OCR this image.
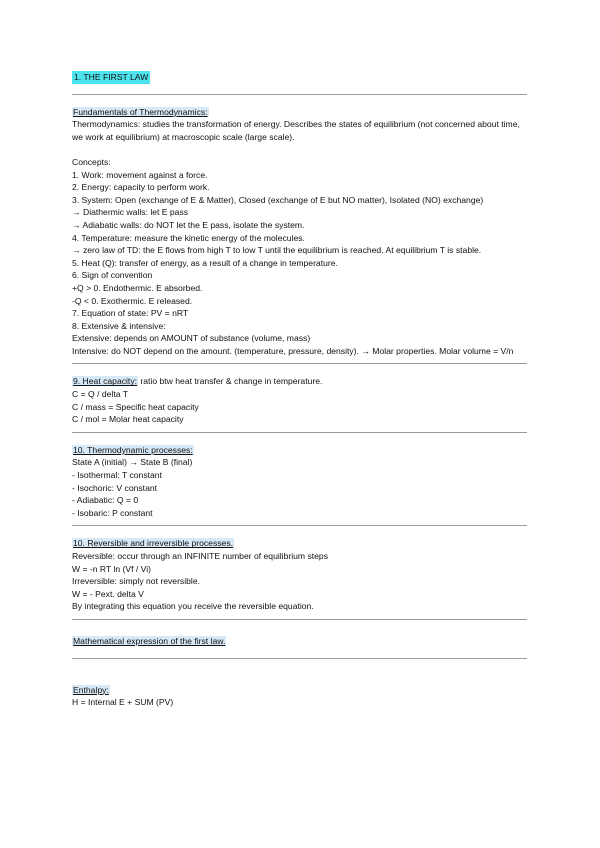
1. THE FIRST LAW
Fundamentals of Thermodynamics:
Thermodynamics: studies the transformation of energy. Describes the states of equilibrium (not concerned about time, we work at equilibrium) at macroscopic scale (large scale).
Concepts:
1. Work: movement against a force.
2. Energy: capacity to perform work.
3. System: Open (exchange of E & Matter), Closed (exchange of E but NO matter), Isolated (NO) exchange)
→ Diathermic walls: let E pass
→ Adiabatic walls: do NOT let the E pass, isolate the system.
4. Temperature: measure the kinetic energy of the molecules.
→ zero law of TD: the E flows from high T to low T until the equilibrium is reached. At equilibrium T is stable.
5. Heat (Q): transfer of energy, as a result of a change in temperature.
6. Sign of convention
+Q > 0. Endothermic. E absorbed.
-Q < 0. Exothermic. E released.
7. Equation of state: PV = nRT
8. Extensive & intensive:
Extensive: depends on AMOUNT of substance (volume, mass)
Intensive: do NOT depend on the amount. (temperature, pressure, density). → Molar properties. Molar volume = V/n
9. Heat capacity: ratio btw heat transfer & change in temperature.
C = Q / delta T
C / mass = Specific heat capacity
C / mol = Molar heat capacity
10. Thermodynamic processes:
State A (initial) → State B (final)
- Isothermal: T constant
- Isochoric: V constant
- Adiabatic: Q = 0
- Isobaric: P constant
10. Reversible and irreversible processes.
Reversible: occur through an INFINITE number of equilibrium steps
W = -n RT ln (Vf / Vi)
Irreversible: simply not reversible.
W = - Pext. delta V
By integrating this equation you receive the reversible equation.
Mathematical expression of the first law.
Enthalpy:
H = Internal E + SUM (PV)
